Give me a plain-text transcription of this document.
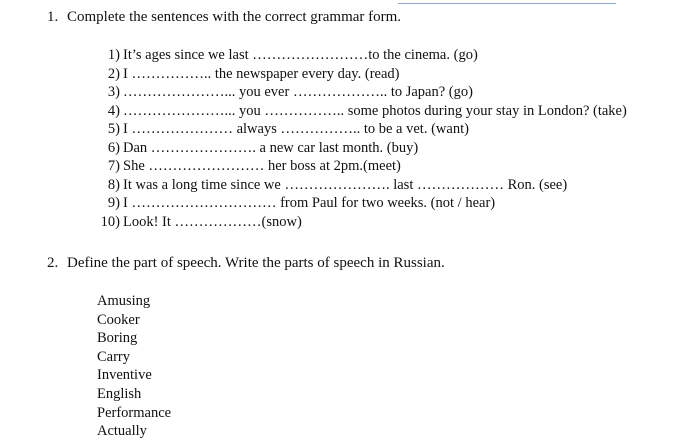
1. Complete the sentences with the correct grammar form.
1) It’s ages since we last ……………………to the cinema. (go)
2) I …………….. the newspaper every day. (read)
3) …………………... you ever ……………….. to Japan? (go)
4) …………………... you …………….. some photos during your stay in London? (take)
5) I ………………… always …………….. to be a vet. (want)
6) Dan …………………. a new car last month. (buy)
7) She …………………… her boss at 2pm.(meet)
8) It was a long time since we …………………. last ……………… Ron. (see)
9) I ………………………… from Paul for two weeks. (not / hear)
10) Look! It ………………(snow)
2. Define the part of speech. Write the parts of speech in Russian.
Amusing
Cooker
Boring
Carry
Inventive
English
Performance
Actually
